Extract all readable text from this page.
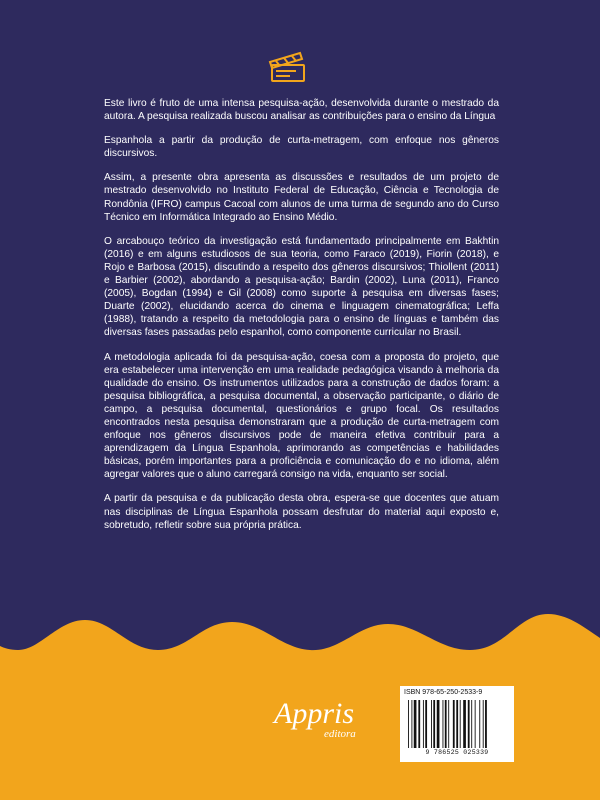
Este livro é fruto de uma intensa pesquisa-ação, desenvolvida durante o mestrado da autora. A pesquisa realizada buscou analisar as contribuições para o ensino da Língua

Espanhola a partir da produção de curta-metragem, com enfoque nos gêneros discursivos.

Assim, a presente obra apresenta as discussões e resultados de um projeto de mestrado desenvolvido no Instituto Federal de Educação, Ciência e Tecnologia de Rondônia (IFRO) campus Cacoal com alunos de uma turma de segundo ano do Curso Técnico em Informática Integrado ao Ensino Médio.

O arcabouço teórico da investigação está fundamentado principalmente em Bakhtin (2016) e em alguns estudiosos de sua teoria, como Faraco (2019), Fiorin (2018), e Rojo e Barbosa (2015), discutindo a respeito dos gêneros discursivos; Thiollent (2011) e Barbier (2002), abordando a pesquisa-ação; Bardin (2002), Luna (2011), Franco (2005), Bogdan (1994) e Gil (2008) como suporte à pesquisa em diversas fases; Duarte (2002), elucidando acerca do cinema e linguagem cinematográfica; Leffa (1988), tratando a respeito da metodologia para o ensino de línguas e também das diversas fases passadas pelo espanhol, como componente curricular no Brasil.

A metodologia aplicada foi da pesquisa-ação, coesa com a proposta do projeto, que era estabelecer uma intervenção em uma realidade pedagógica visando à melhoria da qualidade do ensino. Os instrumentos utilizados para a construção de dados foram: a pesquisa bibliográfica, a pesquisa documental, a observação participante, o diário de campo, a pesquisa documental, questionários e grupo focal. Os resultados encontrados nesta pesquisa demonstraram que a produção de curta-metragem com enfoque nos gêneros discursivos pode de maneira efetiva contribuir para a aprendizagem da Língua Espanhola, aprimorando as competências e habilidades básicas, porém importantes para a proficiência e comunicação do e no idioma, além agregar valores que o aluno carregará consigo na vida, enquanto ser social.

A partir da pesquisa e da publicação desta obra, espera-se que docentes que atuam nas disciplinas de Língua Espanhola possam desfrutar do material aqui exposto e, sobretudo, refletir sobre sua própria prática.

Appris
editora
ISBN 978-65-250-2533-9
9 786525 025339
